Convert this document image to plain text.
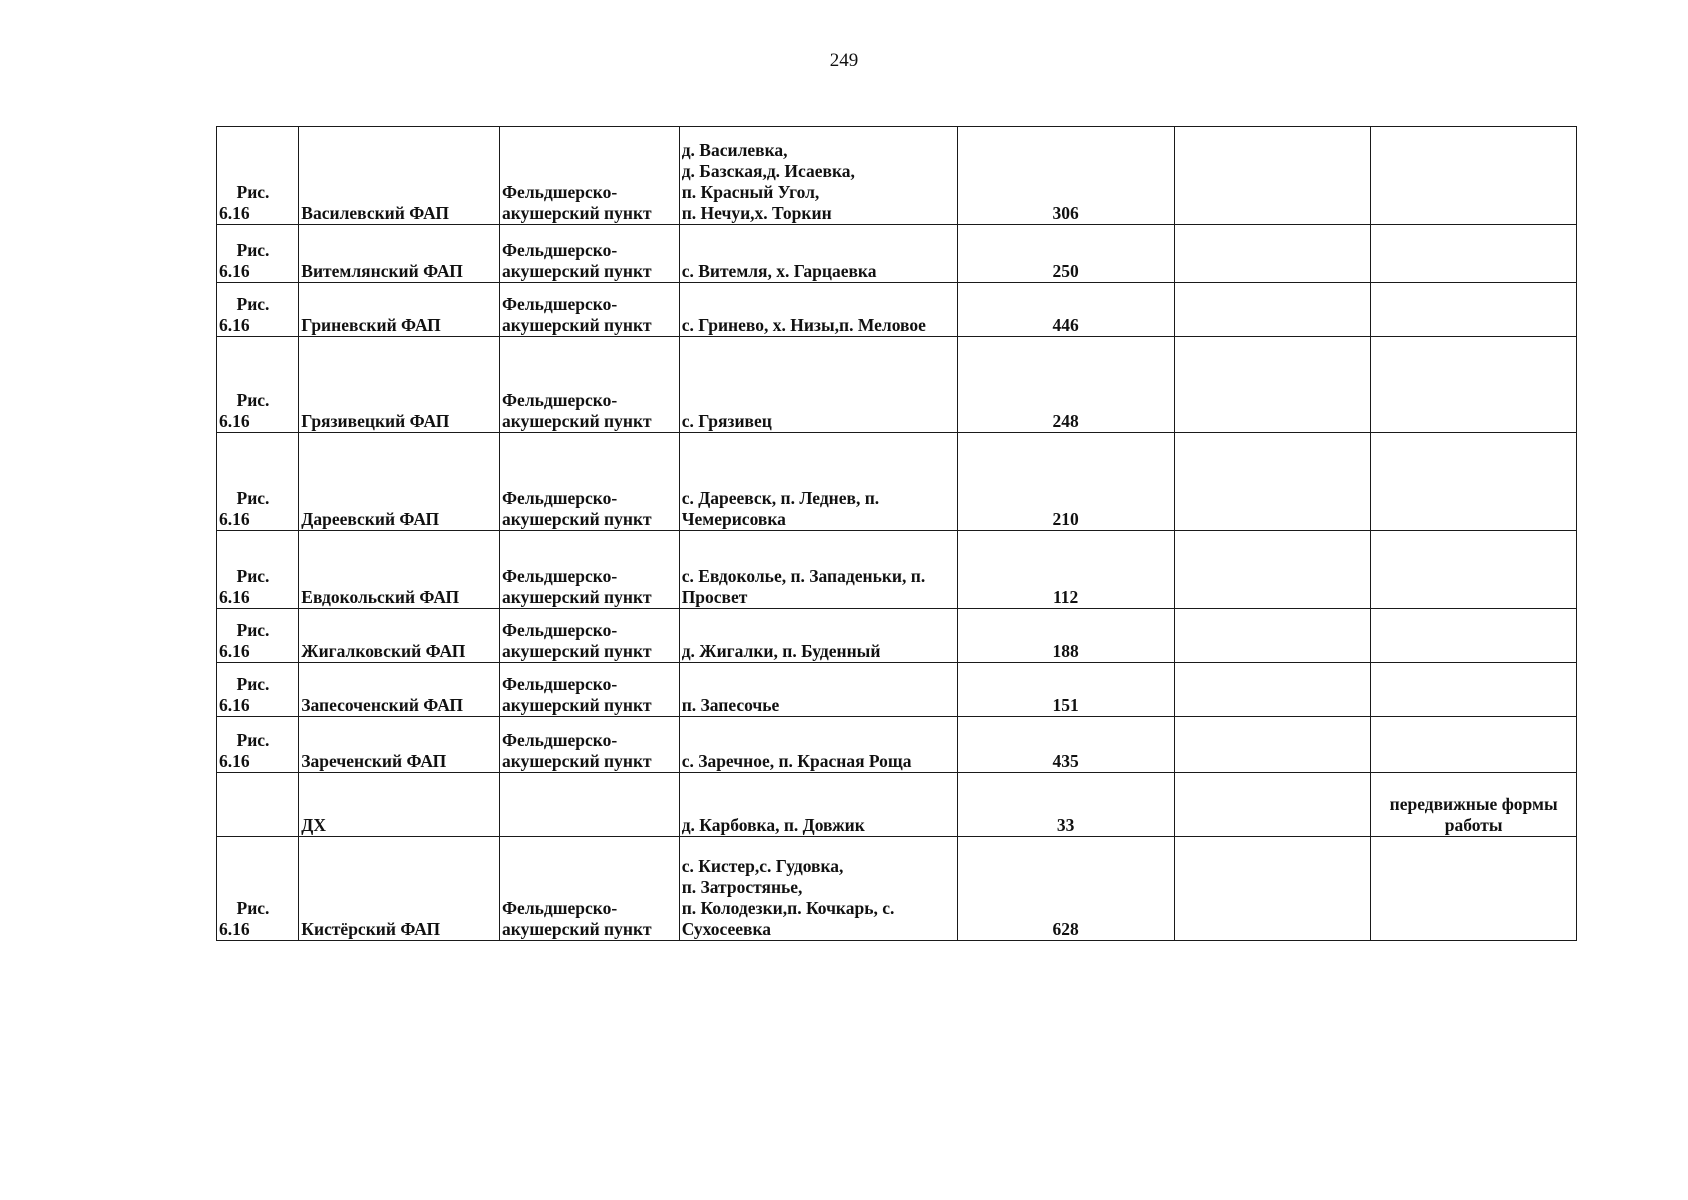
249
Рис.
6.16	Василевский ФАП	Фельдшерско-
акушерский пункт	д. Василевка,
д. Базская,д. Исаевка,
п. Красный Угол,
п. Нечуи,х. Торкин	306		

Рис.
6.16	Витемлянский ФАП	Фельдшерско-
акушерский пункт	с. Витемля, х. Гарцаевка	250		

Рис.
6.16	Гриневский ФАП	Фельдшерско-
акушерский пункт	с. Гринево, х. Низы,п. Меловое	446		

Рис.
6.16	Грязивецкий ФАП	Фельдшерско-
акушерский пункт	с. Грязивец	248		

Рис.
6.16	Дареевский ФАП	Фельдшерско-
акушерский пункт	с. Дареевск, п. Леднев, п.
Чемерисовка	210		

Рис.
6.16	Евдокольский ФАП	Фельдшерско-
акушерский пункт	с. Евдоколье, п. Западеньки, п.
Просвет	112		

Рис.
6.16	Жигалковский ФАП	Фельдшерско-
акушерский пункт	д. Жигалки, п. Буденный	188		

Рис.
6.16	Запесоченский ФАП	Фельдшерско-
акушерский пункт	п. Запесочье	151		

Рис.
6.16	Зареченский ФАП	Фельдшерско-
акушерский пункт	с. Заречное, п. Красная Роща	435		

	ДХ		д. Карбовка, п. Довжик	33		передвижные формы
работы

Рис.
6.16	Кистёрский ФАП	Фельдшерско-
акушерский пункт	с. Кистер,с. Гудовка,
п. Затростянье,
п. Колодезки,п. Кочкарь, с.
Сухосеевка	628		
